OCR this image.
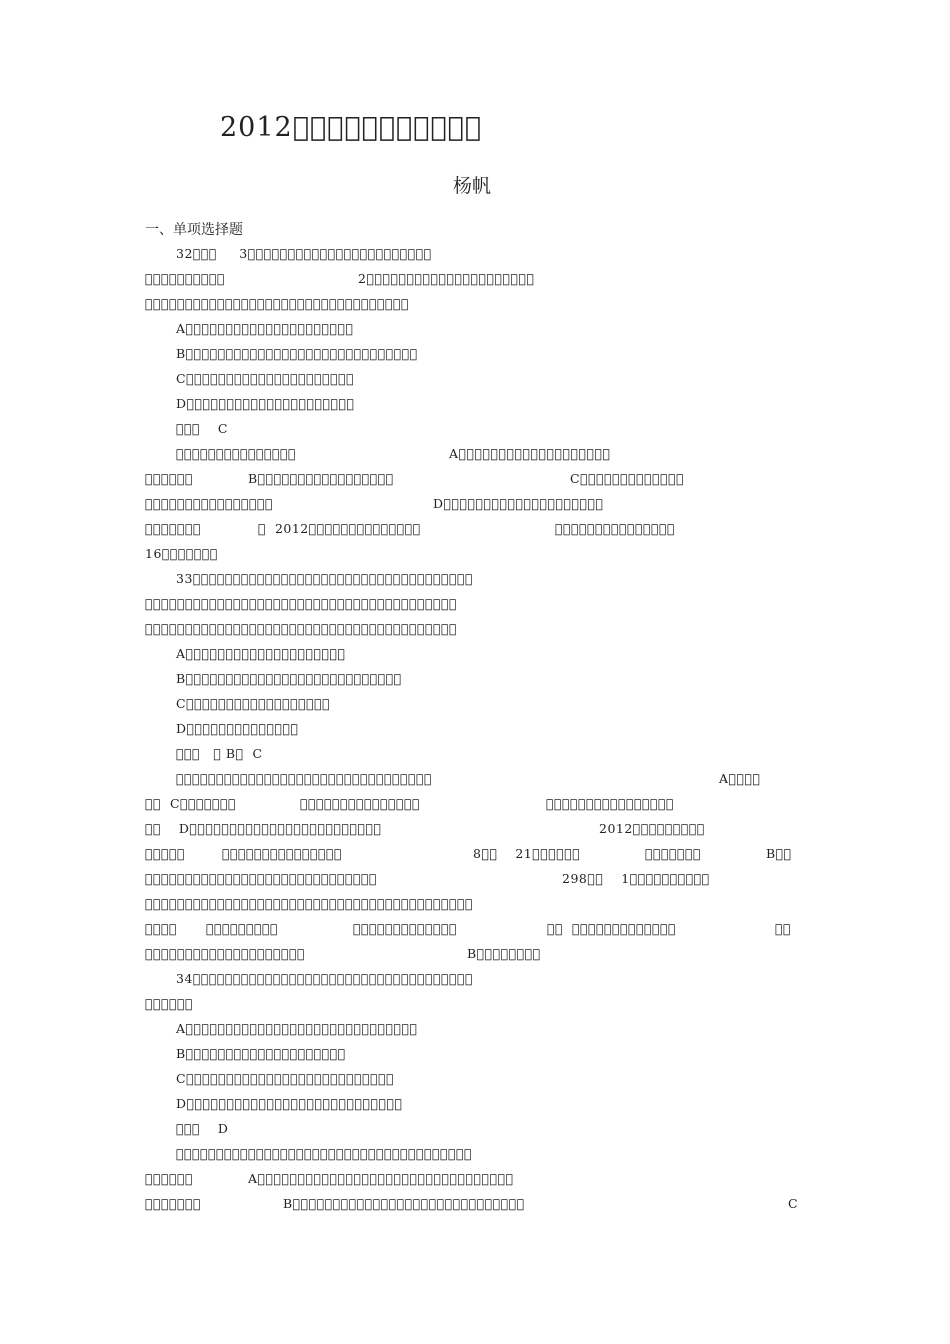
2012           
杨帆
一、单项选择题
32        3                       
          	2                     
                                 
A                     
B                             
C                     
D                     
       C
               	A                   
      	B                 	C             
                	D                    
       	   2012              	               
16       
33                                   
                                       
                                       
A                    
B                           
C                  
D              
        B   C
                                	A    
    C       	               	                
      D                        	2012         
     	               	8      21      	       	B  
                             	298      1          
                                         
              	             	                 	  
                    	B        
34                                   
      
A                             
B                    
C                          
D                           
       D
                                     
      	A                                
       	B                             	C
